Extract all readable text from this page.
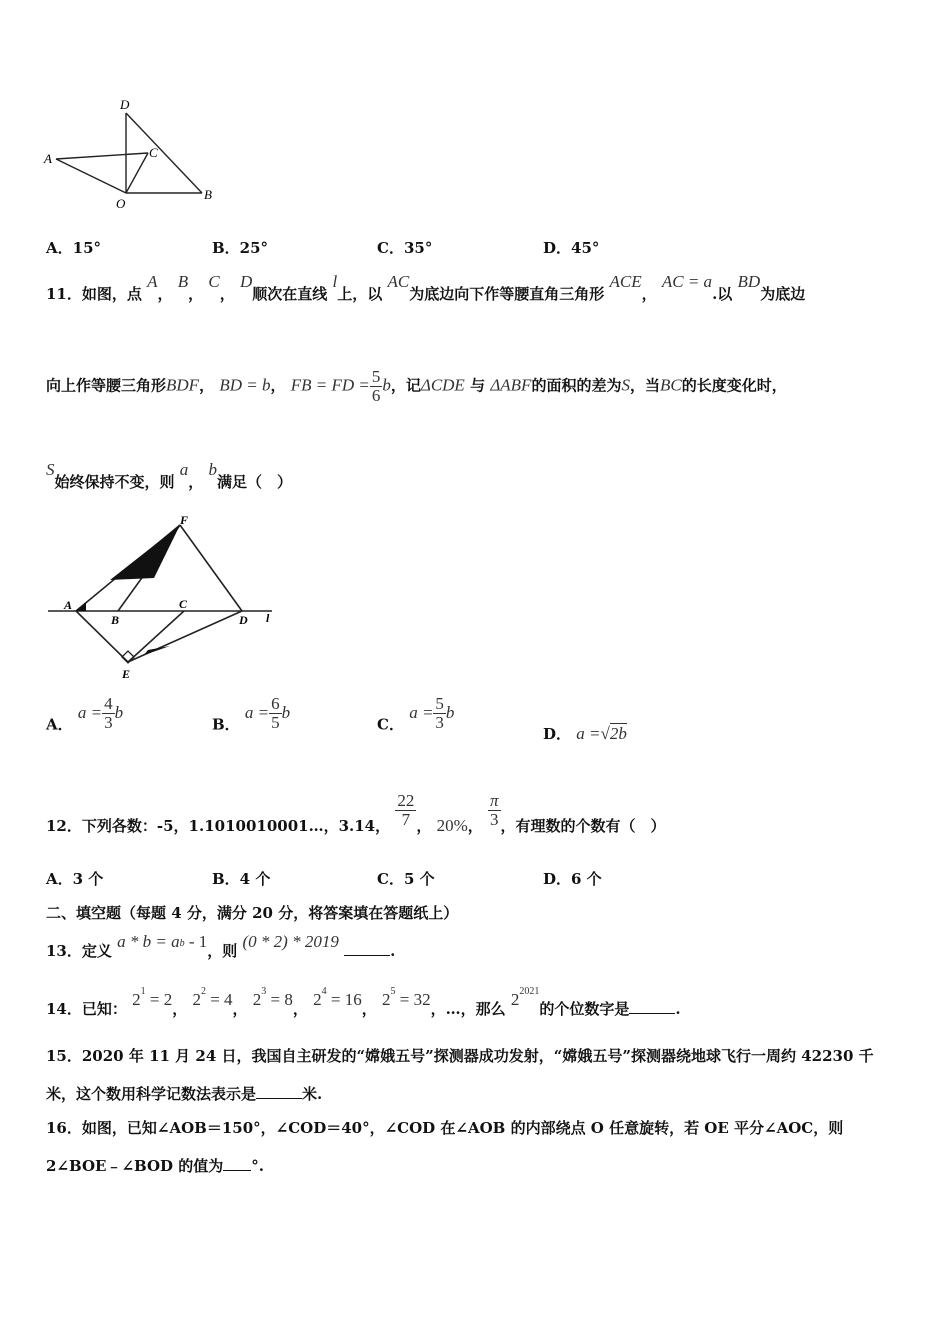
D
A	C
O
B
A．15°	B．25°	C．35°	D．45°
11．如图，点 A， B， C， D顺次在直线 l上，以 AC为底边向下作等腰直角三角形 ACE， AC = a.以 BD为底边
向上作等腰三角形BDF， BD = b， FB = FD = $\frac{5}{6}$ b，记ΔCDE 与 ΔABF的面积的差为S，当BC的长度变化时，
S始终保持不变，则 a， b满足（　）
F
A
B
C
D l
E
A． $a = \frac{4}{3}$ b
B． $a = \frac{6}{5}$ b
C． $a = \frac{5}{3}$ b
D． a =√2b
12．下列各数：-5，1.1010010001…，3.14， $\frac{22}{7}$ ， 20%， $\frac{\pi}{3}$ ，有理数的个数有（　）
A．3 个	B．4 个	C．5 个	D．6 个
二、填空题（每题 4 分，满分 20 分，将答案填在答题纸上）
13．定义 $a * b = a^b - 1$，则 (0 * 2) * 2019	.
14．已知： $2^1 = 2$， $2^2 = 4$， $2^3 = 8$， $2^4 = 16$， $2^5 = 32$，…，那么 $2^{2021}$的个位数字是	.
15．2020 年 11 月 24 日，我国自主研发的“嫦娥五号”探测器成功发射，“嫦娥五号”探测器绕地球飞行一周约 42230 千
米，这个数用科学记数法表示是	米.
16．如图，已知∠AOB＝150°，∠COD＝40°，∠COD 在∠AOB 的内部绕点 O 任意旋转，若 OE 平分∠AOC，则
2∠BOE﹣∠BOD 的值为 °.
